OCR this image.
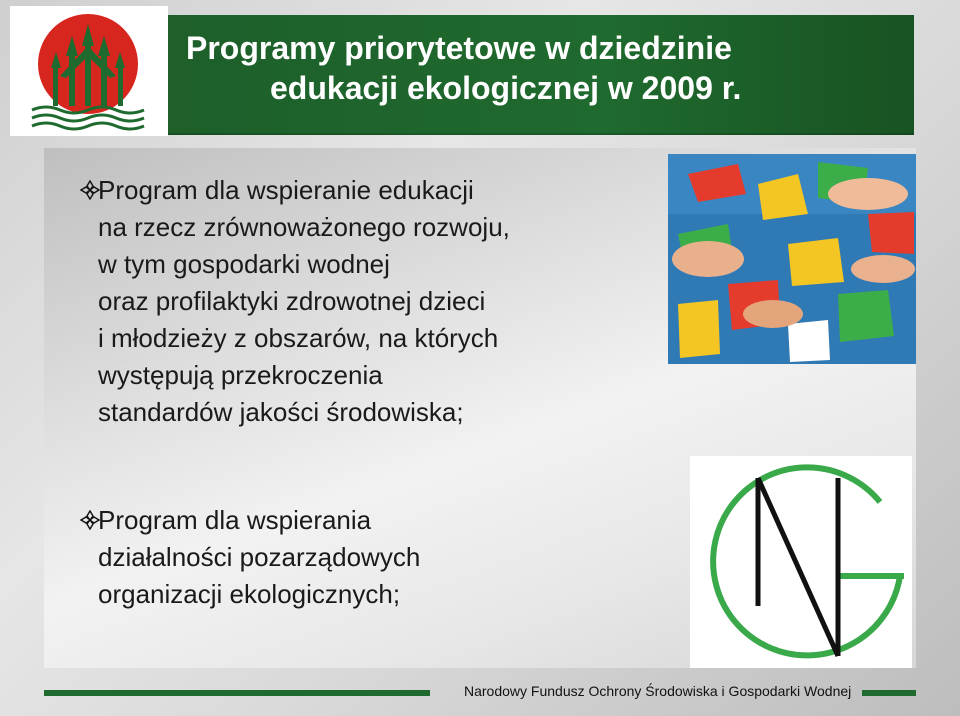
Programy priorytetowe w dziedzinie
edukacji ekologicznej w 2009 r.
Program dla wspieranie edukacji
na rzecz zrównoważonego rozwoju,
w tym gospodarki wodnej
oraz profilaktyki zdrowotnej dzieci
i młodzieży z obszarów, na których
występują przekroczenia
standardów jakości środowiska;
Program dla wspierania
działalności pozarządowych
organizacji ekologicznych;
Narodowy Fundusz Ochrony Środowiska i Gospodarki Wodnej
